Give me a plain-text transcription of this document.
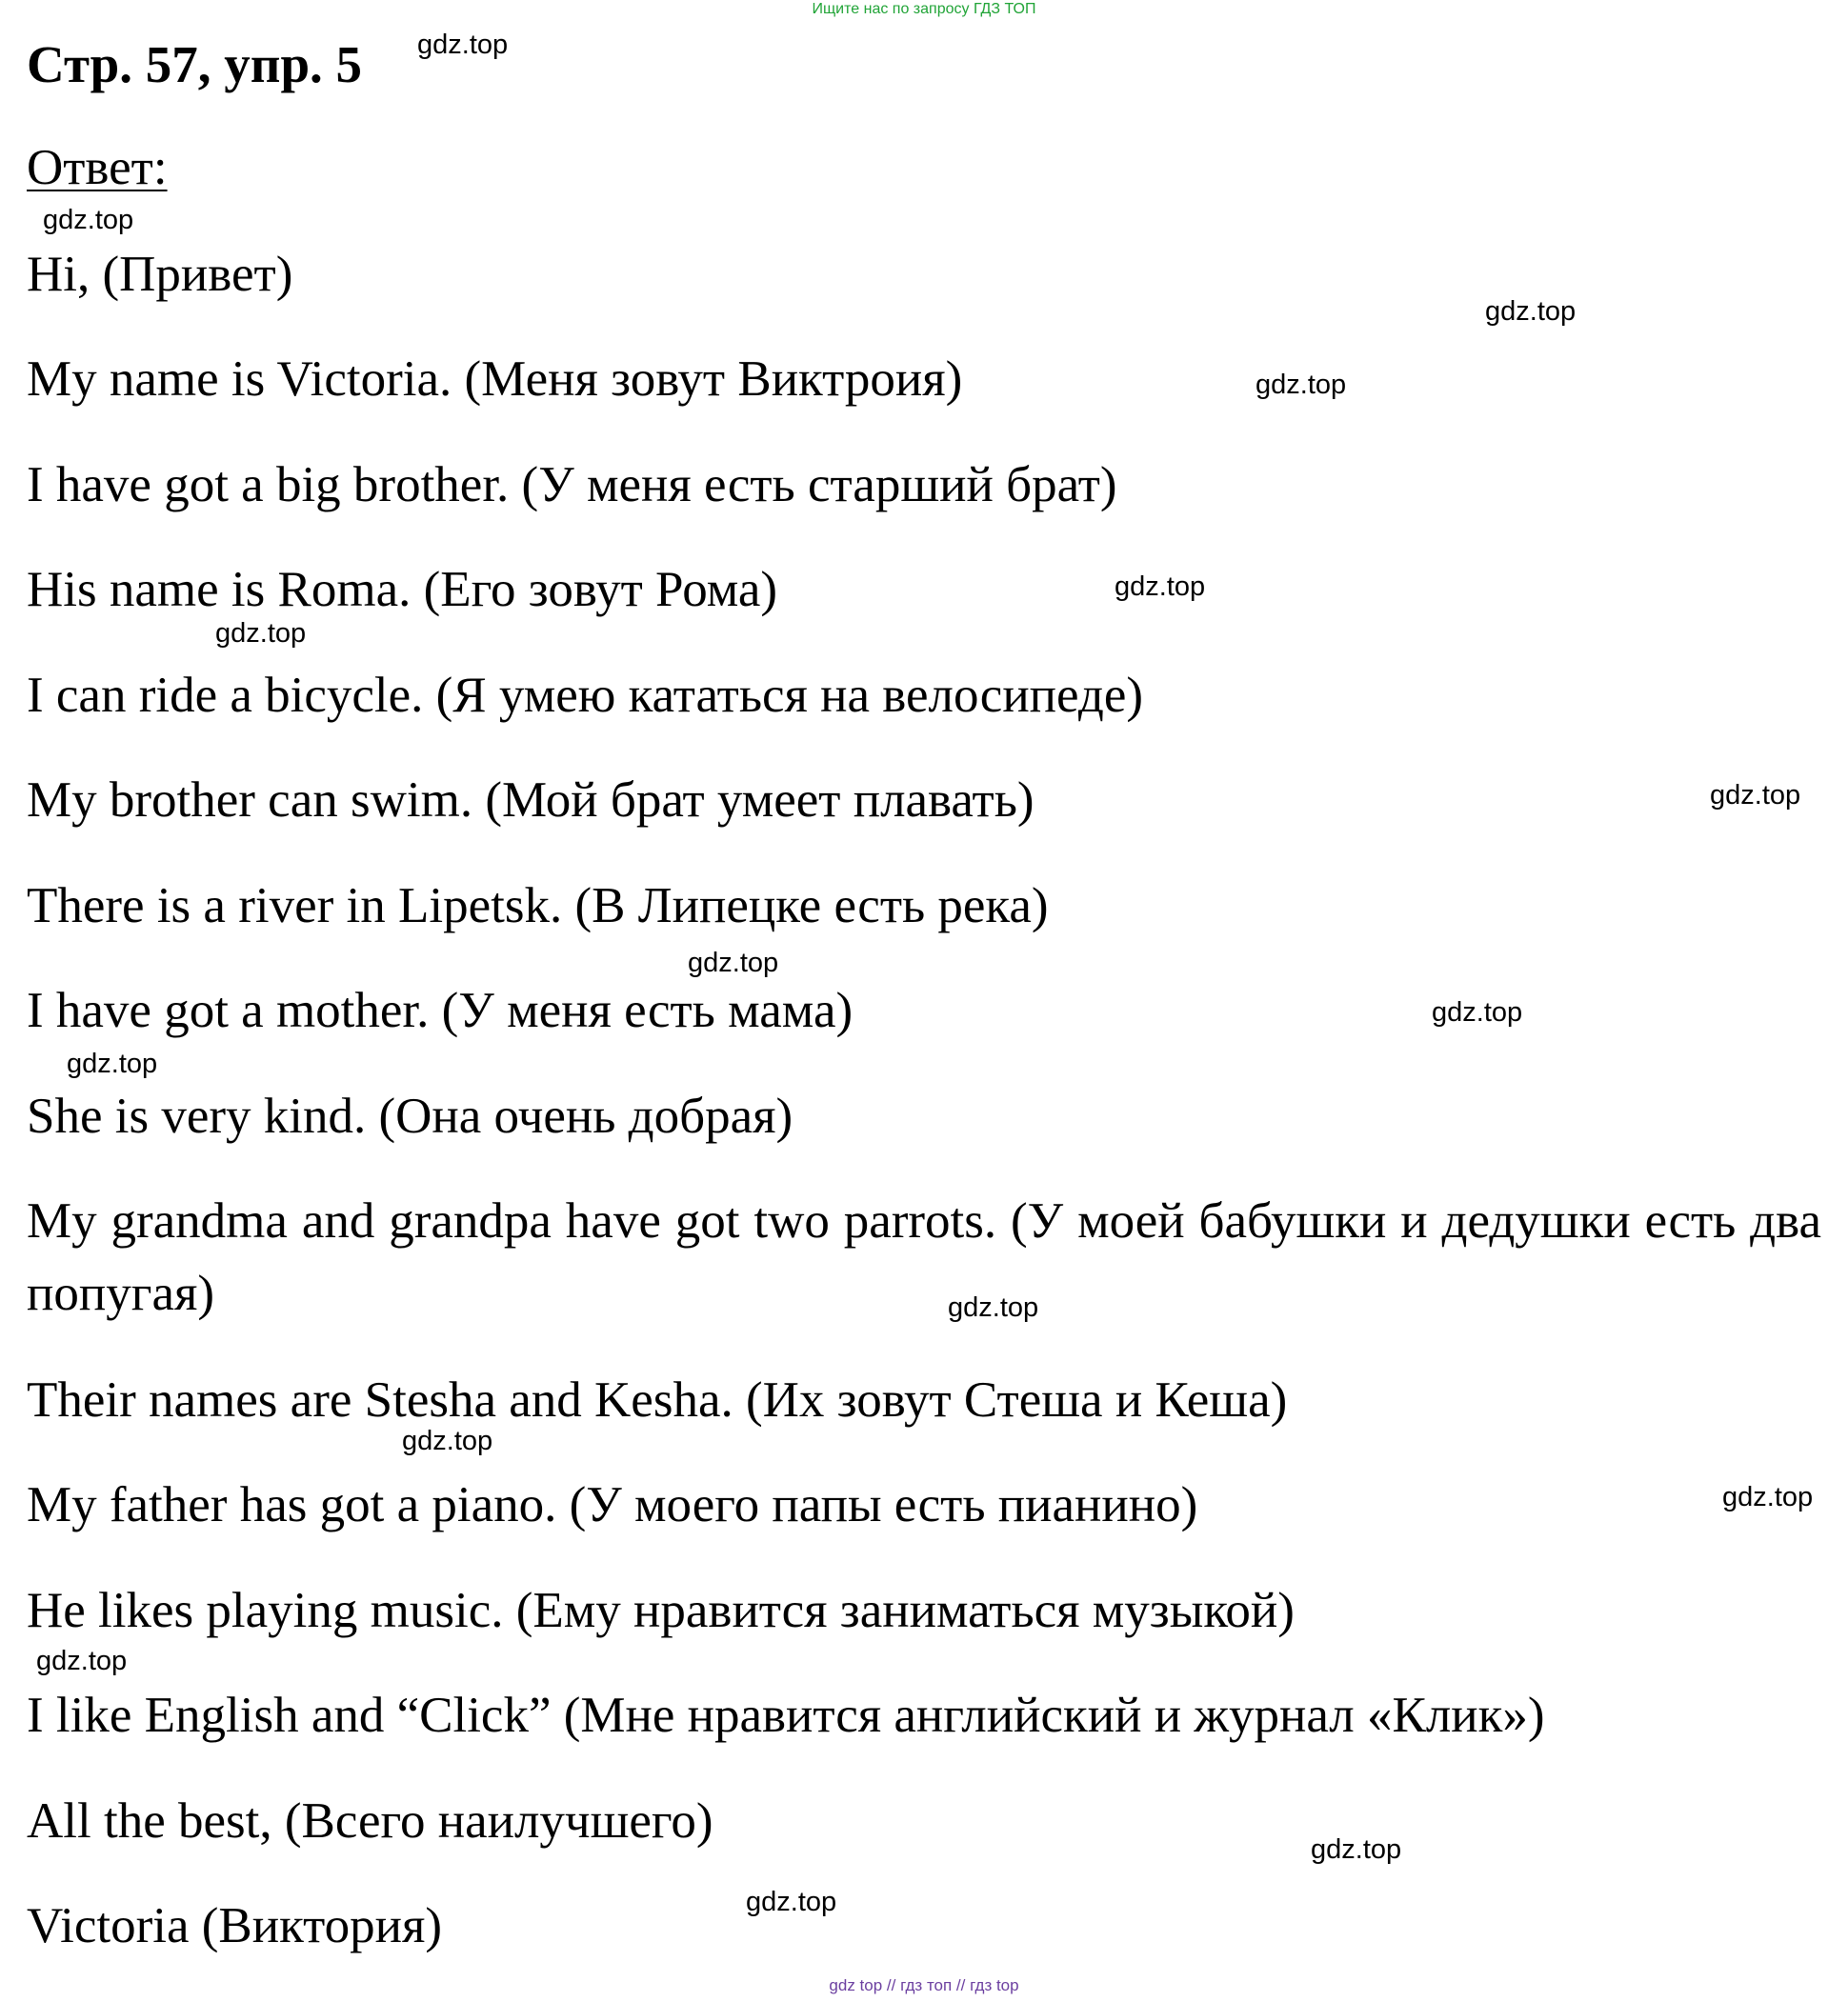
Ищите нас по запросу ГДЗ ТОП
Стр. 57, упр. 5
Ответ:

Hi, (Привет)

My name is Victoria. (Меня зовут Виктроия)

I have got a big brother. (У меня есть старший брат)

His name is Roma. (Его зовут Рома)

I can ride a bicycle. (Я умею кататься на велосипеде)

My brother can swim. (Мой брат умеет плавать)

There is a river in Lipetsk. (В Липецке есть река)

I have got a mother. (У меня есть мама)

She is very kind. (Она очень добрая)

My grandma and grandpa have got two parrots. (У моей бабушки и дедушки есть два попугая)

Their names are Stesha and Kesha. (Их зовут Стеша и Кеша)

My father has got a piano. (У моего папы есть пианино)

He likes playing music. (Ему нравится заниматься музыкой)

I like English and “Click” (Мне нравится английский и журнал «Клик»)

All the best, (Всего наилучшего)

Victoria (Виктория)

gdz.top
gdz.top
gdz.top
gdz.top
gdz.top
gdz.top
gdz.top
gdz.top
gdz.top
gdz.top
gdz.top
gdz.top
gdz.top
gdz.top
gdz.top
gdz.top
gdz top // гдз топ // гдз top
